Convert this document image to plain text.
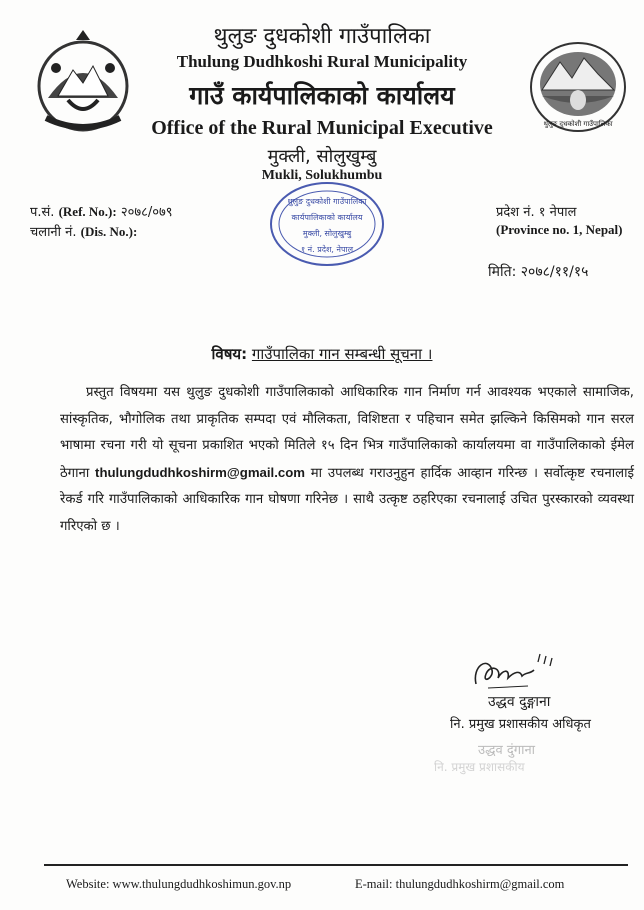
थुलुङ दुधकोशी गाउँपालिका
Thulung Dudhkoshi Rural Municipality
गाउँ कार्यपालिकाको कार्यालय
Office of the Rural Municipal Executive
मुक्ली, सोलुखुम्बु
Mukli, Solukhumbu
थुलुङ दुधकोशी गाउँपालिका
प.सं. (Ref. No.): २०७८/०७९
चलानी नं. (Dis. No.):
प्रदेश नं. १ नेपाल
(Province no. 1, Nepal)
थुलुङ दुधकोशी गाउँपालिका
कार्यपालिकाको कार्यालय
मुक्ली, सोलुखुम्बु
१ नं. प्रदेश, नेपाल
मिति: २०७८/११/१५
विषय: गाउँपालिका गान सम्बन्धी सूचना ।

प्रस्तुत विषयमा यस थुलुङ दुधकोशी गाउँपालिकाको आधिकारिक गान निर्माण गर्न आवश्यक भएकाले सामाजिक, सांस्कृतिक, भौगोलिक तथा प्राकृतिक सम्पदा एवं मौलिकता, विशिष्टता र पहिचान समेत झल्किने किसिमको गान सरल भाषामा रचना गरी यो सूचना प्रकाशित भएको मितिले १५ दिन भित्र गाउँपालिकाको कार्यालयमा वा गाउँपालिकाको ईमेल ठेगाना thulungdudhkoshirm@gmail.com मा उपलब्ध गराउनुहुन हार्दिक आव्हान गरिन्छ । सर्वोत्कृष्ट रचनालाई रेकर्ड गरि गाउँपालिकाको आधिकारिक गान घोषणा गरिनेछ । साथै उत्कृष्ट ठहरिएका रचनालाई उचित पुरस्कारको व्यवस्था गरिएको छ ।

उद्धव दुङ्गाना
नि. प्रमुख प्रशासकीय अधिकृत
उद्धव दुंगाना
नि. प्रमुख प्रशासकीय
Website: www.thulungdudhkoshimun.gov.np	E-mail: thulungdudhkoshirm@gmail.com
